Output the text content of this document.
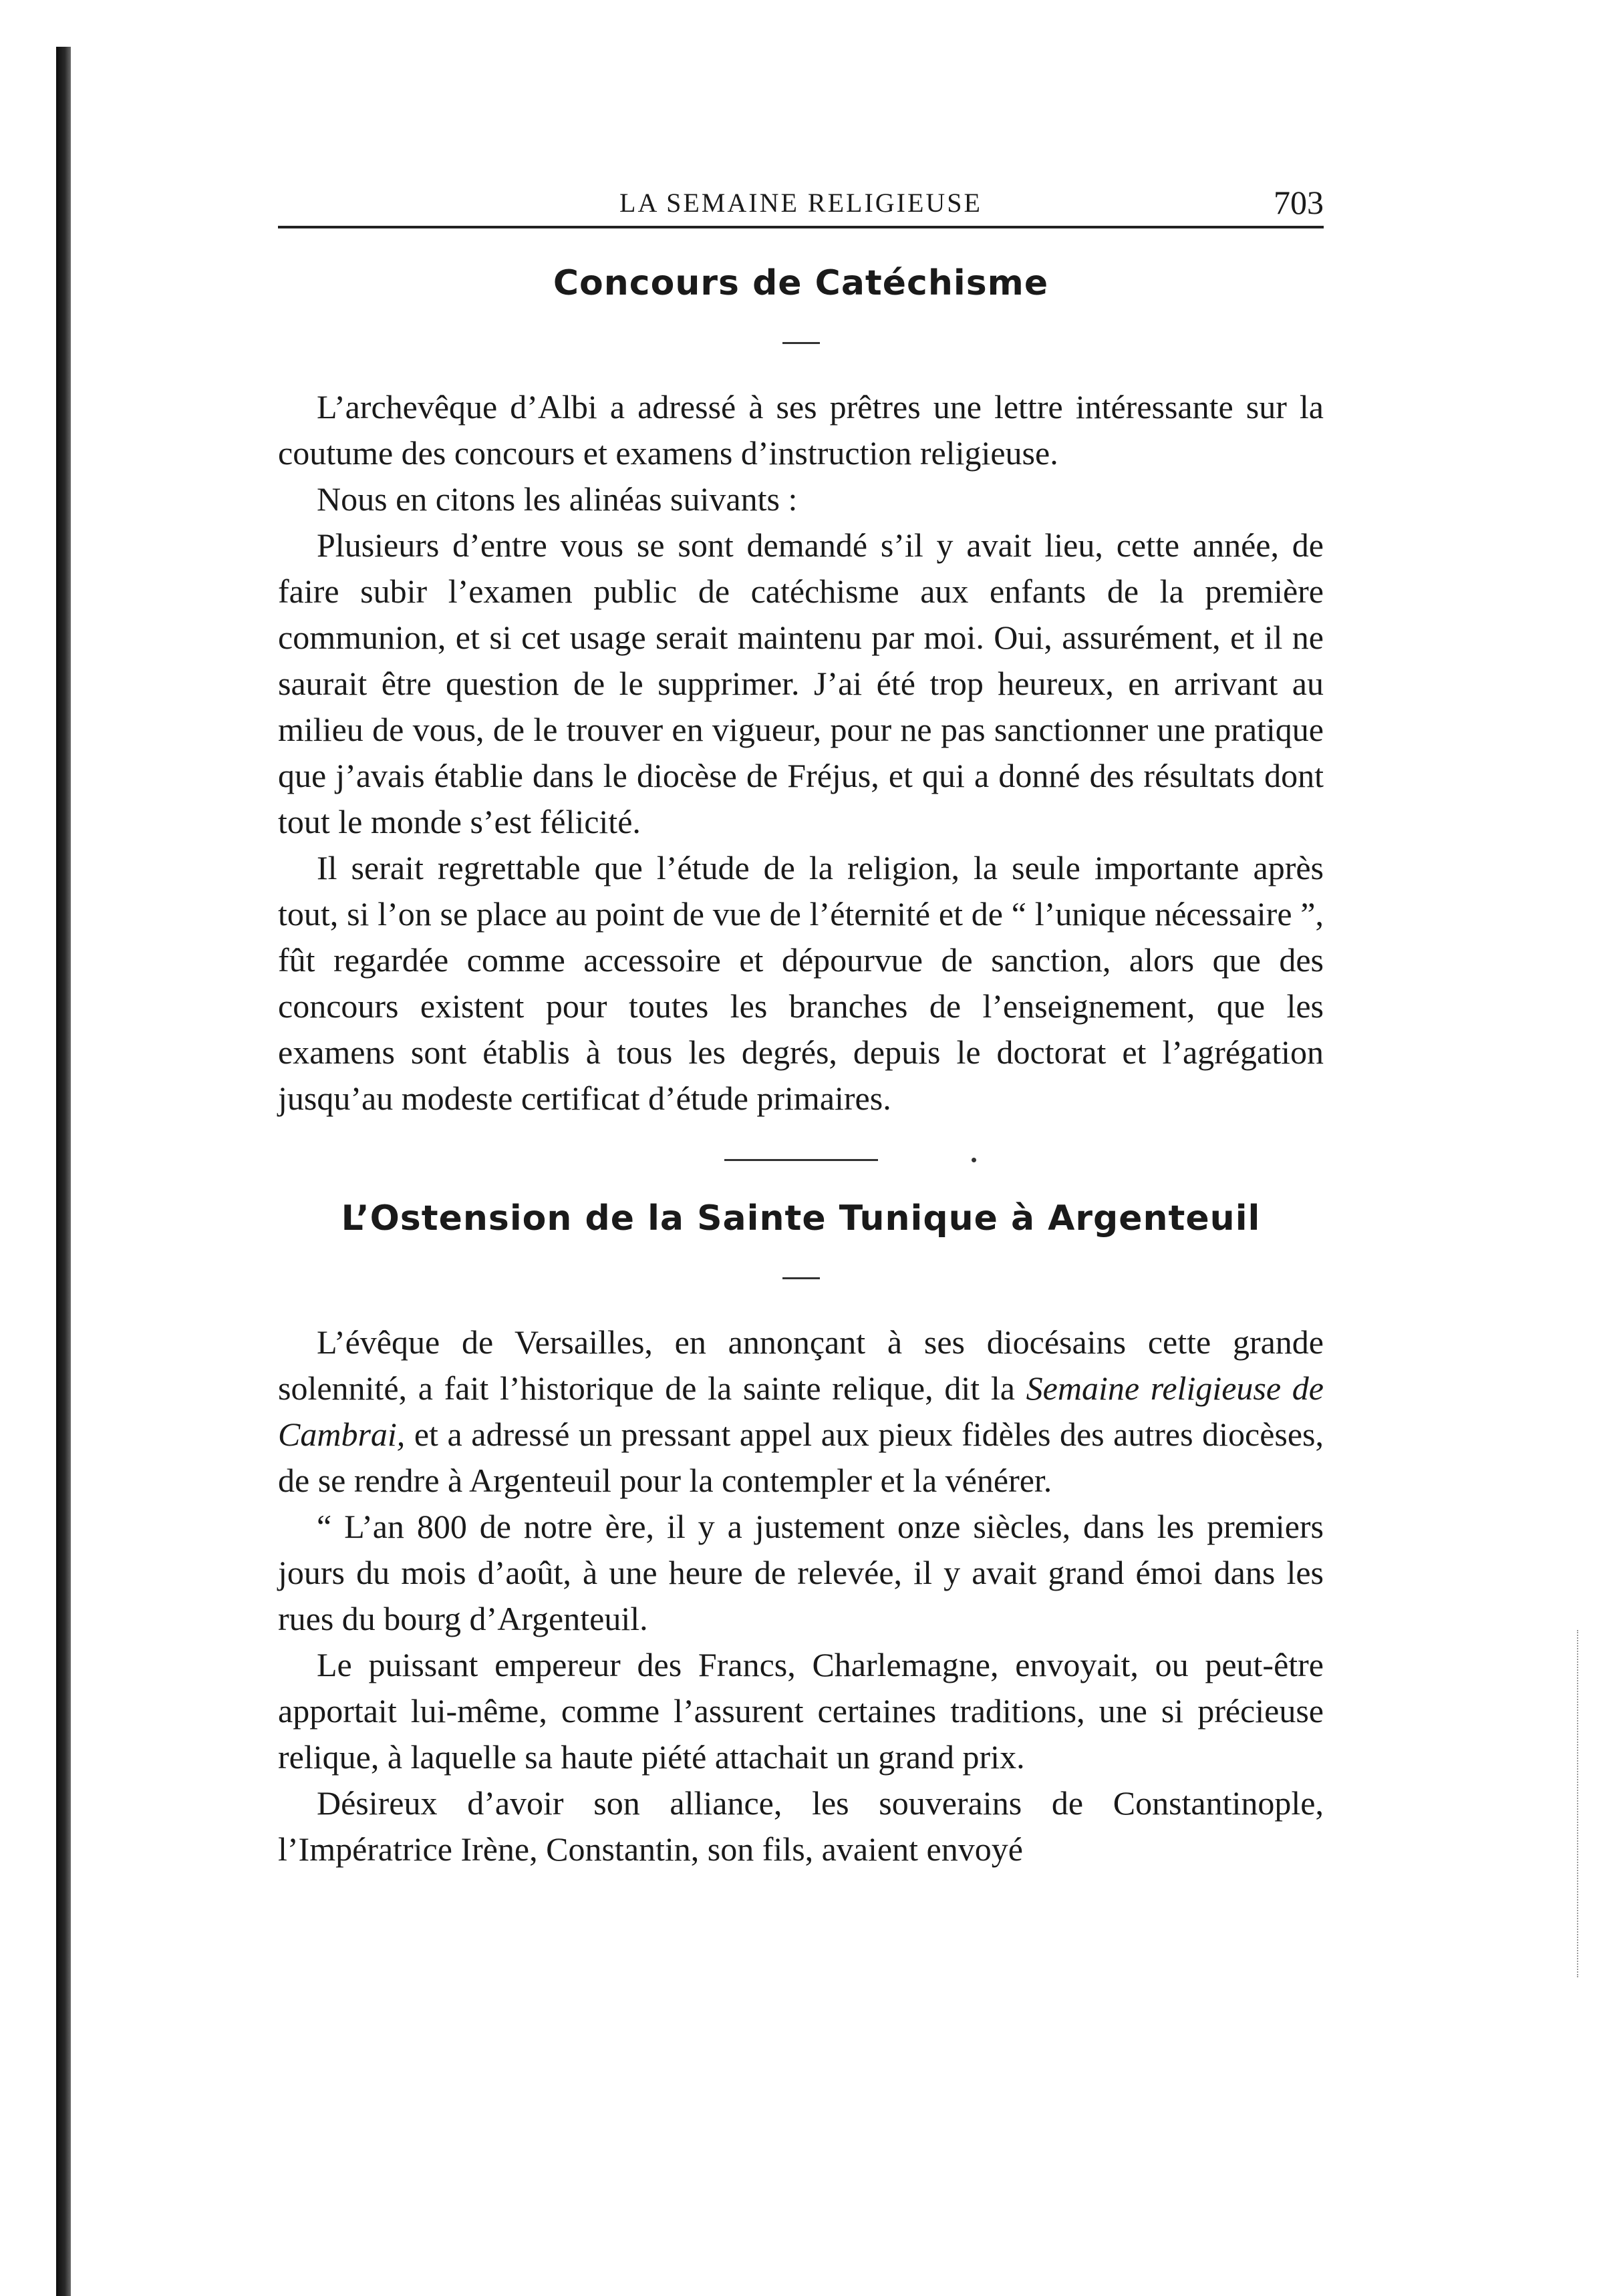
LA SEMAINE RELIGIEUSE	703
Concours de Catéchisme

L’archevêque d’Albi a adressé à ses prêtres une lettre intéressante sur la coutume des concours et examens d’instruction religieuse.

Nous en citons les alinéas suivants :

Plusieurs d’entre vous se sont demandé s’il y avait lieu, cette année, de faire subir l’examen public de catéchisme aux enfants de la première communion, et si cet usage serait maintenu par moi. Oui, assurément, et il ne saurait être question de le supprimer. J’ai été trop heureux, en arrivant au milieu de vous, de le trouver en vigueur, pour ne pas sanctionner une pratique que j’avais établie dans le diocèse de Fréjus, et qui a donné des résultats dont tout le monde s’est félicité.

Il serait regrettable que l’étude de la religion, la seule importante après tout, si l’on se place au point de vue de l’éternité et de “ l’unique nécessaire ”, fût regardée comme accessoire et dépourvue de sanction, alors que des concours existent pour toutes les branches de l’enseignement, que les examens sont établis à tous les degrés, depuis le doctorat et l’agrégation jusqu’au modeste certificat d’étude primaires.

L’Ostension de la Sainte Tunique à Argenteuil

L’évêque de Versailles, en annonçant à ses diocésains cette grande solennité, a fait l’historique de la sainte relique, dit la Semaine religieuse de Cambrai, et a adressé un pressant appel aux pieux fidèles des autres diocèses, de se rendre à Argenteuil pour la contempler et la vénérer.

“ L’an 800 de notre ère, il y a justement onze siècles, dans les premiers jours du mois d’août, à une heure de relevée, il y avait grand émoi dans les rues du bourg d’Argenteuil.

Le puissant empereur des Francs, Charlemagne, envoyait, ou peut-être apportait lui-même, comme l’assurent certaines traditions, une si précieuse relique, à laquelle sa haute piété attachait un grand prix.

Désireux d’avoir son alliance, les souverains de Constantinople, l’Impératrice Irène, Constantin, son fils, avaient envoyé
